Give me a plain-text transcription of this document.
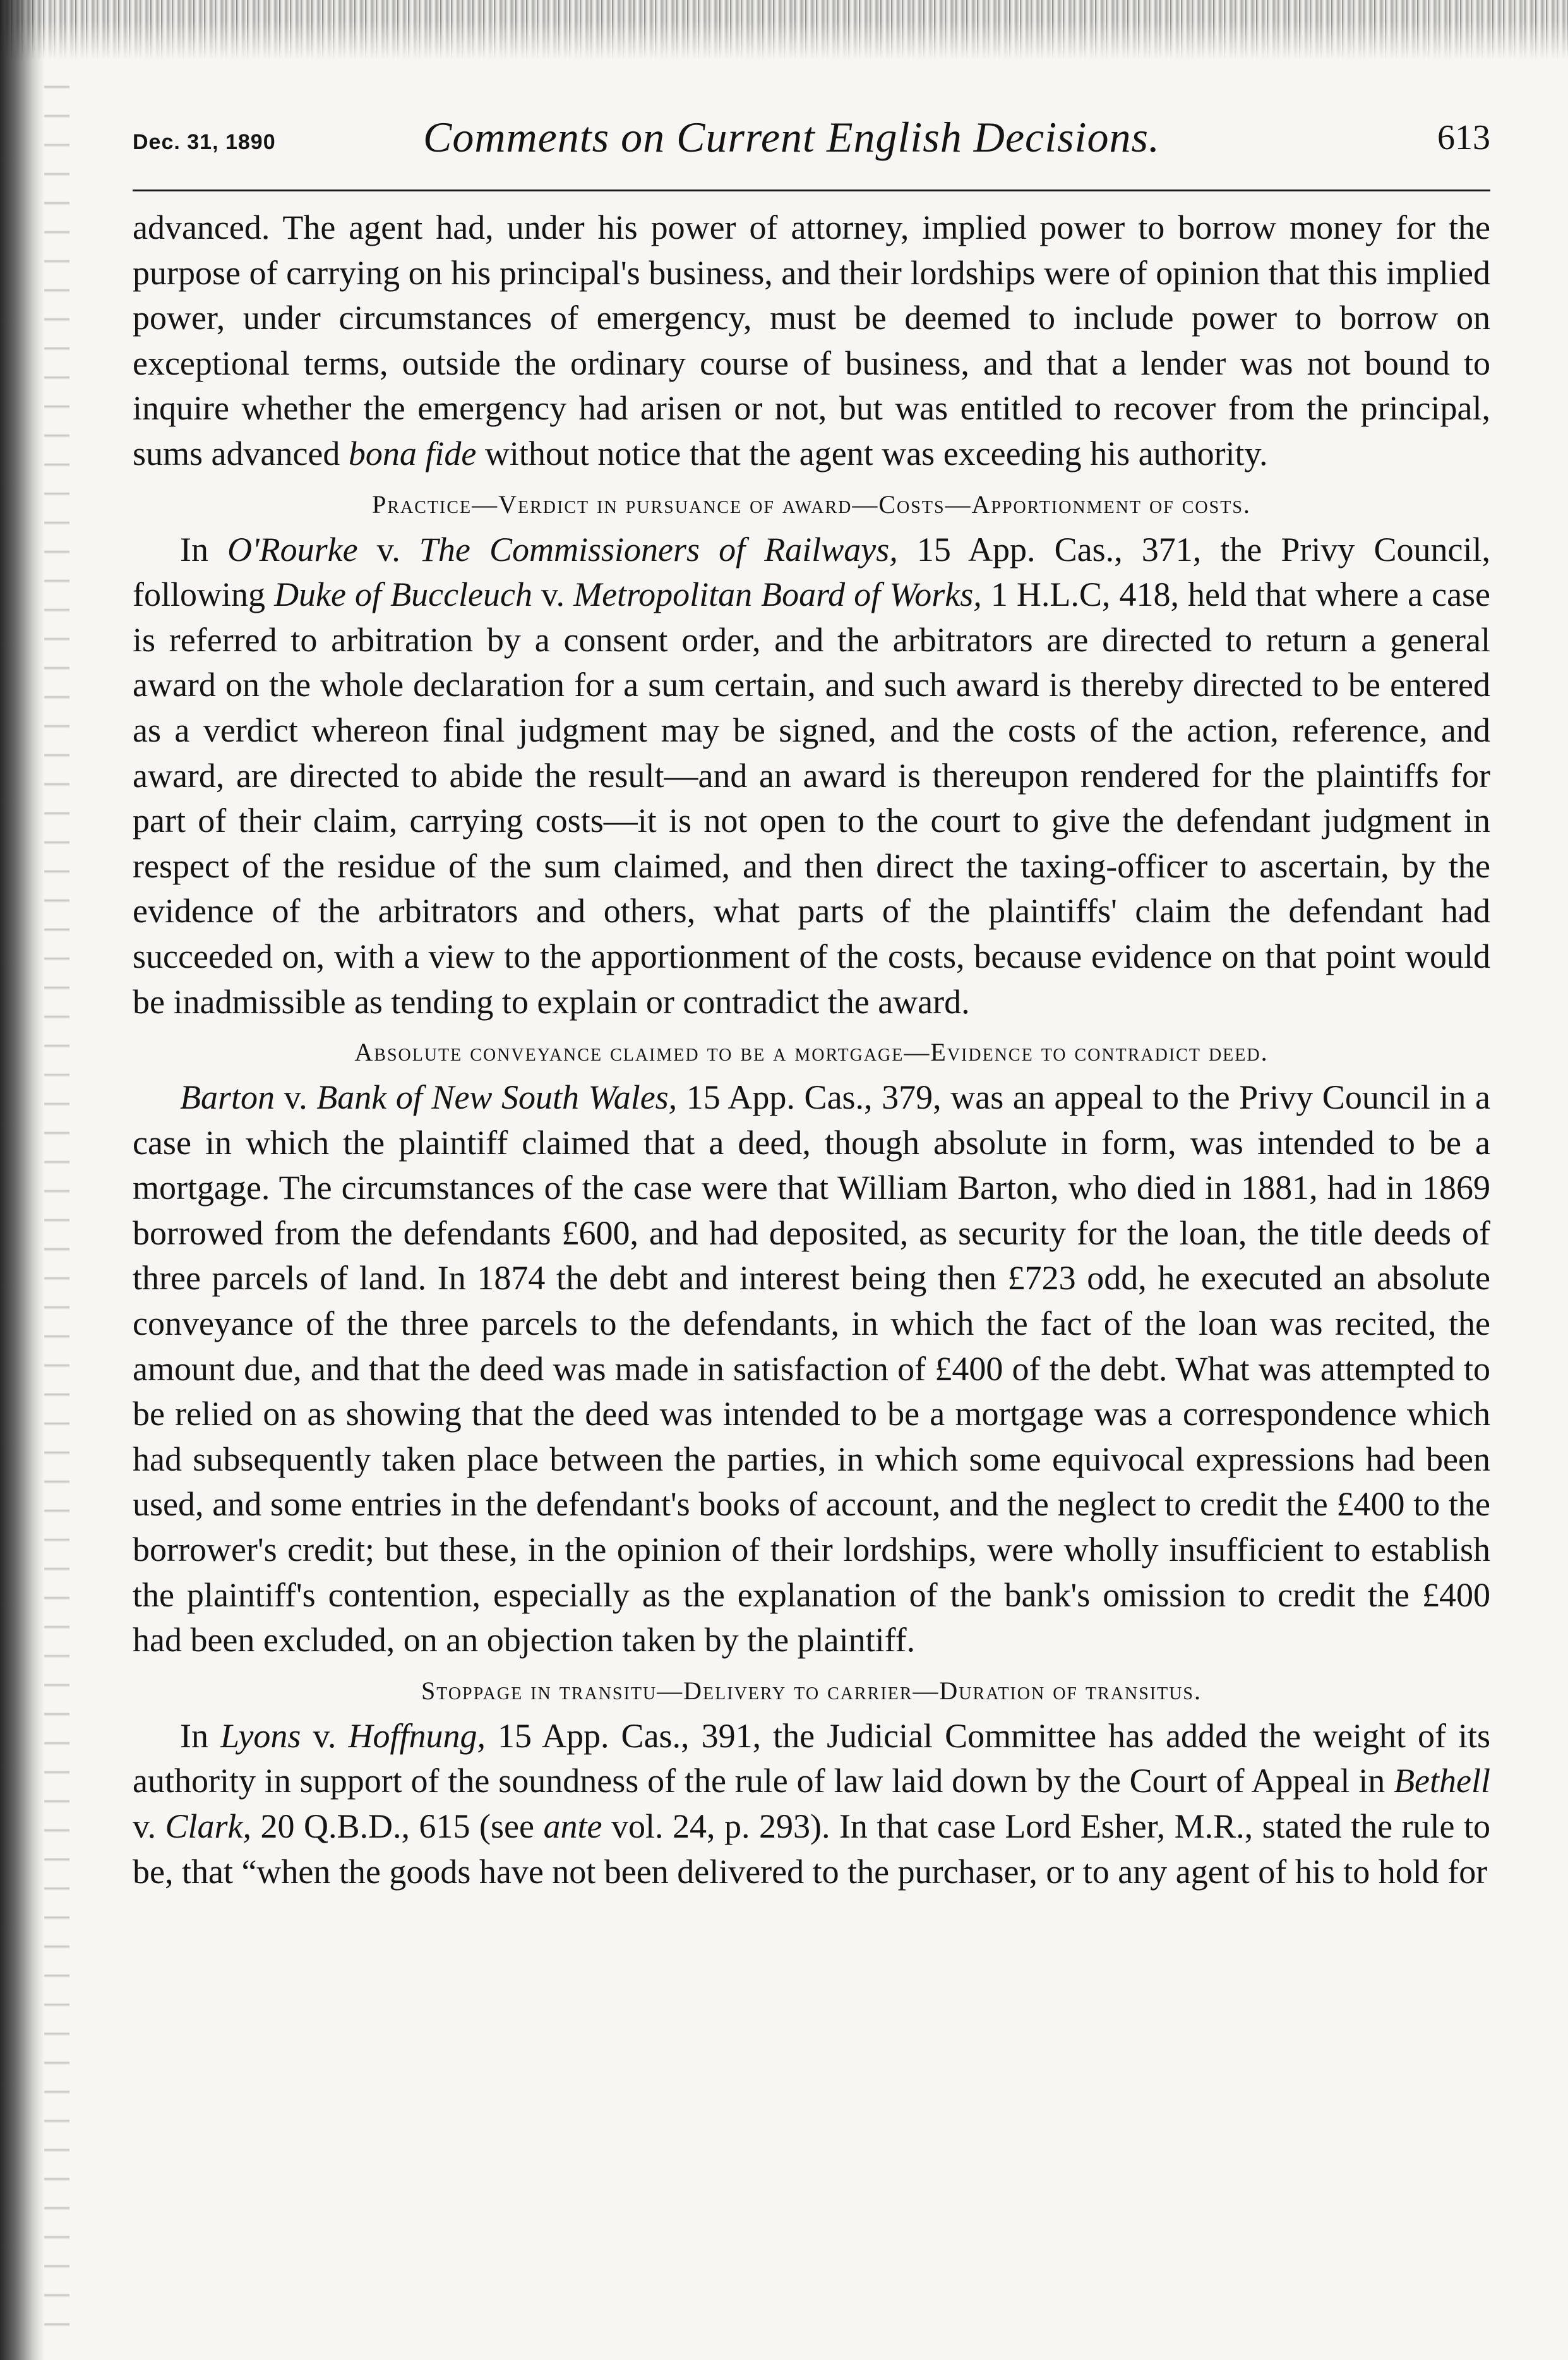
Dec. 31, 1890	Comments on Current English Decisions.	613

advanced. The agent had, under his power of attorney, implied power to borrow money for the purpose of carrying on his principal's business, and their lordships were of opinion that this implied power, under circumstances of emergency, must be deemed to include power to borrow on exceptional terms, outside the ordinary course of business, and that a lender was not bound to inquire whether the emergency had arisen or not, but was entitled to recover from the principal, sums advanced bona fide without notice that the agent was exceeding his authority.

Practice—Verdict in pursuance of award—Costs—Apportionment of costs.

In O'Rourke v. The Commissioners of Railways, 15 App. Cas., 371, the Privy Council, following Duke of Buccleuch v. Metropolitan Board of Works, 1 H.L.C, 418, held that where a case is referred to arbitration by a consent order, and the arbitrators are directed to return a general award on the whole declaration for a sum certain, and such award is thereby directed to be entered as a verdict whereon final judgment may be signed, and the costs of the action, reference, and award, are directed to abide the result—and an award is thereupon rendered for the plaintiffs for part of their claim, carrying costs—it is not open to the court to give the defendant judgment in respect of the residue of the sum claimed, and then direct the taxing-officer to ascertain, by the evidence of the arbitrators and others, what parts of the plaintiffs' claim the defendant had succeeded on, with a view to the apportionment of the costs, because evidence on that point would be inadmissible as tending to explain or contradict the award.

Absolute conveyance claimed to be a mortgage—Evidence to contradict deed.

Barton v. Bank of New South Wales, 15 App. Cas., 379, was an appeal to the Privy Council in a case in which the plaintiff claimed that a deed, though absolute in form, was intended to be a mortgage. The circumstances of the case were that William Barton, who died in 1881, had in 1869 borrowed from the defendants £600, and had deposited, as security for the loan, the title deeds of three parcels of land. In 1874 the debt and interest being then £723 odd, he executed an absolute conveyance of the three parcels to the defendants, in which the fact of the loan was recited, the amount due, and that the deed was made in satisfaction of £400 of the debt. What was attempted to be relied on as showing that the deed was intended to be a mortgage was a correspondence which had subsequently taken place between the parties, in which some equivocal expressions had been used, and some entries in the defendant's books of account, and the neglect to credit the £400 to the borrower's credit; but these, in the opinion of their lordships, were wholly insufficient to establish the plaintiff's contention, especially as the explanation of the bank's omission to credit the £400 had been excluded, on an objection taken by the plaintiff.

Stoppage in transitu—Delivery to carrier—Duration of transitus.

In Lyons v. Hoffnung, 15 App. Cas., 391, the Judicial Committee has added the weight of its authority in support of the soundness of the rule of law laid down by the Court of Appeal in Bethell v. Clark, 20 Q.B.D., 615 (see ante vol. 24, p. 293). In that case Lord Esher, M.R., stated the rule to be, that “when the goods have not been delivered to the purchaser, or to any agent of his to hold for
